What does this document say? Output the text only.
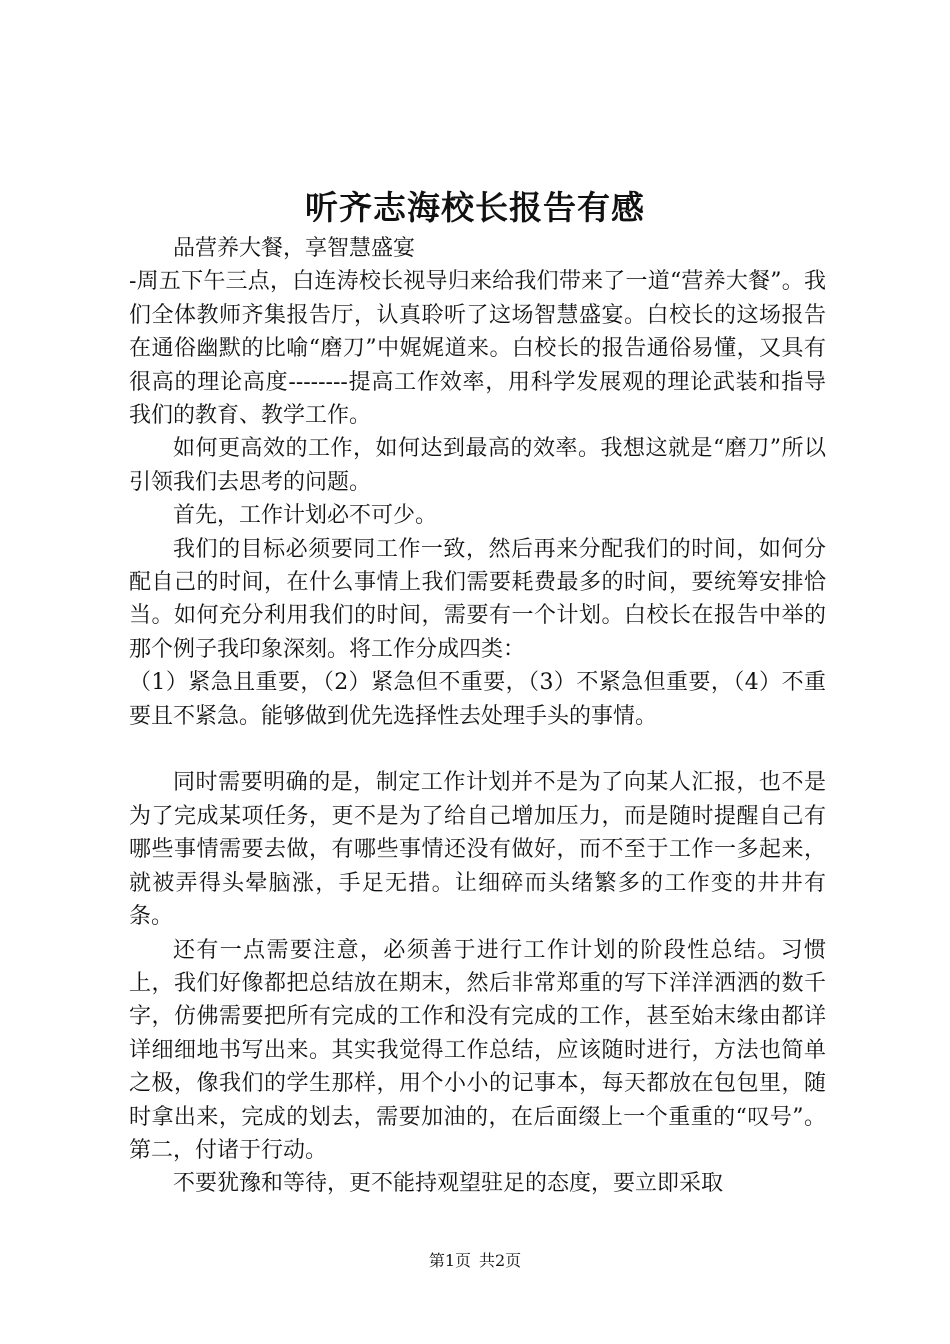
听齐志海校长报告有感

品营养大餐，享智慧盛宴

-周五下午三点，白连涛校长视导归来给我们带来了一道“营养大餐”。我们全体教师齐集报告厅，认真聆听了这场智慧盛宴。白校长的这场报告在通俗幽默的比喻“磨刀”中娓娓道来。白校长的报告通俗易懂，又具有很高的理论高度--------提高工作效率，用科学发展观的理论武装和指导我们的教育、教学工作。

如何更高效的工作，如何达到最高的效率。我想这就是“磨刀”所以引领我们去思考的问题。

首先，工作计划必不可少。

我们的目标必须要同工作一致，然后再来分配我们的时间，如何分配自己的时间，在什么事情上我们需要耗费最多的时间，要统筹安排恰当。如何充分利用我们的时间，需要有一个计划。白校长在报告中举的那个例子我印象深刻。将工作分成四类：

（1）紧急且重要，（2）紧急但不重要，（3）不紧急但重要，（4）不重要且不紧急。能够做到优先选择性去处理手头的事情。

同时需要明确的是，制定工作计划并不是为了向某人汇报，也不是为了完成某项任务，更不是为了给自己增加压力，而是随时提醒自己有哪些事情需要去做，有哪些事情还没有做好，而不至于工作一多起来，就被弄得头晕脑涨，手足无措。让细碎而头绪繁多的工作变的井井有条。

还有一点需要注意，必须善于进行工作计划的阶段性总结。习惯上，我们好像都把总结放在期末，然后非常郑重的写下洋洋洒洒的数千字，仿佛需要把所有完成的工作和没有完成的工作，甚至始末缘由都详详细细地书写出来。其实我觉得工作总结，应该随时进行，方法也简单之极，像我们的学生那样，用个小小的记事本，每天都放在包包里，随时拿出来，完成的划去，需要加油的，在后面缀上一个重重的“叹号”。第二，付诸于行动。

不要犹豫和等待，更不能持观望驻足的态度，要立即采取

第1页 共2页
